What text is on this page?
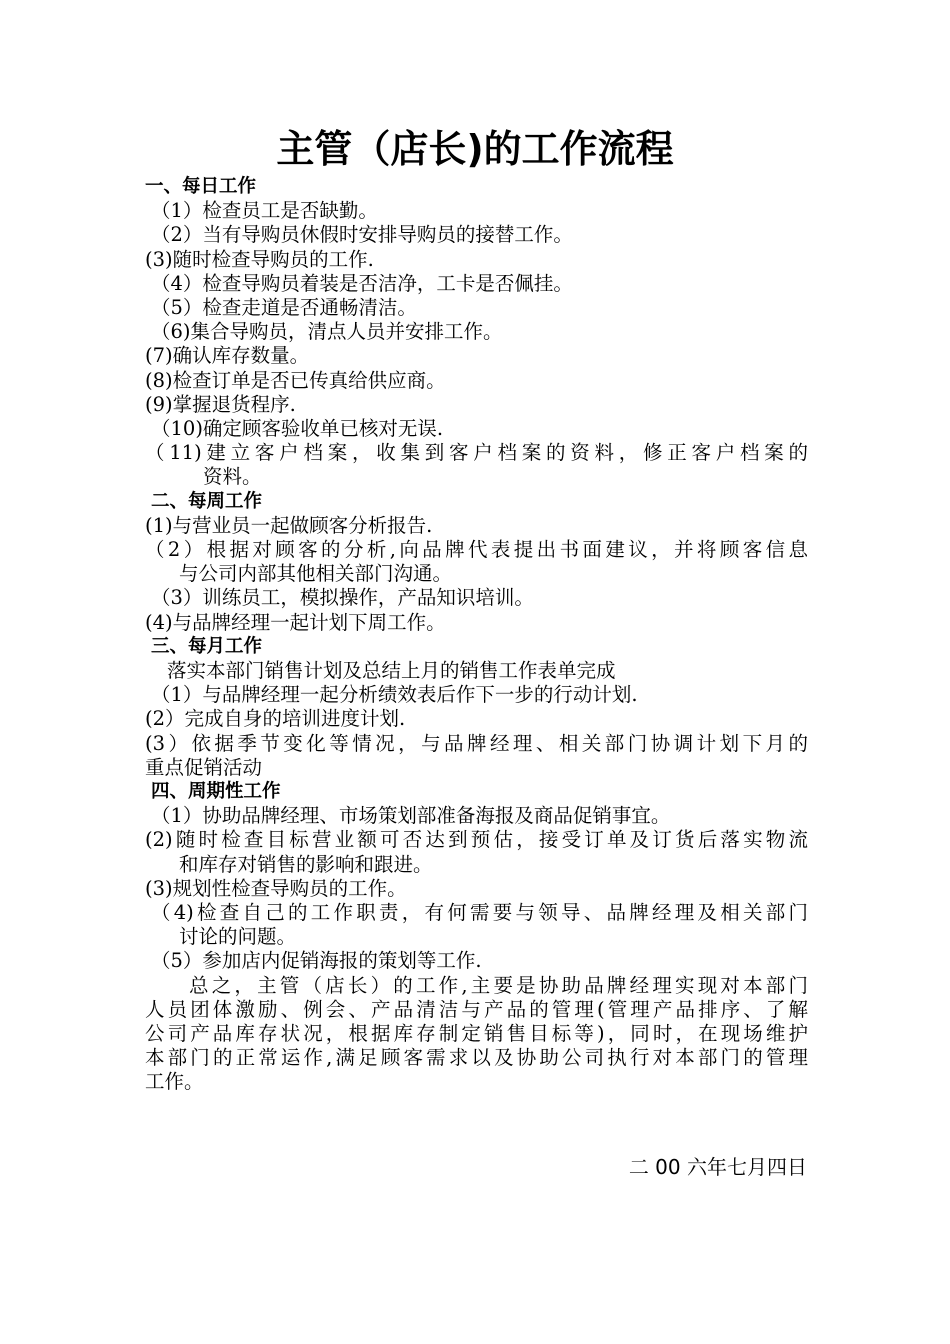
主管（店长)的工作流程
一、每日工作
（1）检查员工是否缺勤。
（2）当有导购员休假时安排导购员的接替工作。
(3)随时检查导购员的工作.
（4）检查导购员着装是否洁净，工卡是否佩挂。
（5）检查走道是否通畅清洁。
（6)集合导购员，清点人员并安排工作。
(7)确认库存数量。
(8)检查订单是否已传真给供应商。
(9)掌握退货程序.
（10)确定顾客验收单已核对无误.
（11)建立客户档案，收集到客户档案的资料，修正客户档案的
资料。
二、每周工作
(1)与营业员一起做顾客分析报告.
（2）根据对顾客的分析,向品牌代表提出书面建议，并将顾客信息
与公司内部其他相关部门沟通。
（3）训练员工，模拟操作，产品知识培训。
(4)与品牌经理一起计划下周工作。
三、每月工作
落实本部门销售计划及总结上月的销售工作表单完成
（1）与品牌经理一起分析绩效表后作下一步的行动计划.
(2）完成自身的培训进度计划.
(3）依据季节变化等情况，与品牌经理、相关部门协调计划下月的
重点促销活动
四、周期性工作
（1）协助品牌经理、市场策划部准备海报及商品促销事宜。
(2)随时检查目标营业额可否达到预估，接受订单及订货后落实物流
和库存对销售的影响和跟进。
(3)规划性检查导购员的工作。
（4)检查自己的工作职责，有何需要与领导、品牌经理及相关部门
讨论的问题。
（5）参加店内促销海报的策划等工作.
总之，主管（店长）的工作,主要是协助品牌经理实现对本部门
人员团体激励、例会、产品清洁与产品的管理(管理产品排序、了解
公司产品库存状况，根据库存制定销售目标等)，同时，在现场维护
本部门的正常运作,满足顾客需求以及协助公司执行对本部门的管理
工作。
二 00 六年七月四日
